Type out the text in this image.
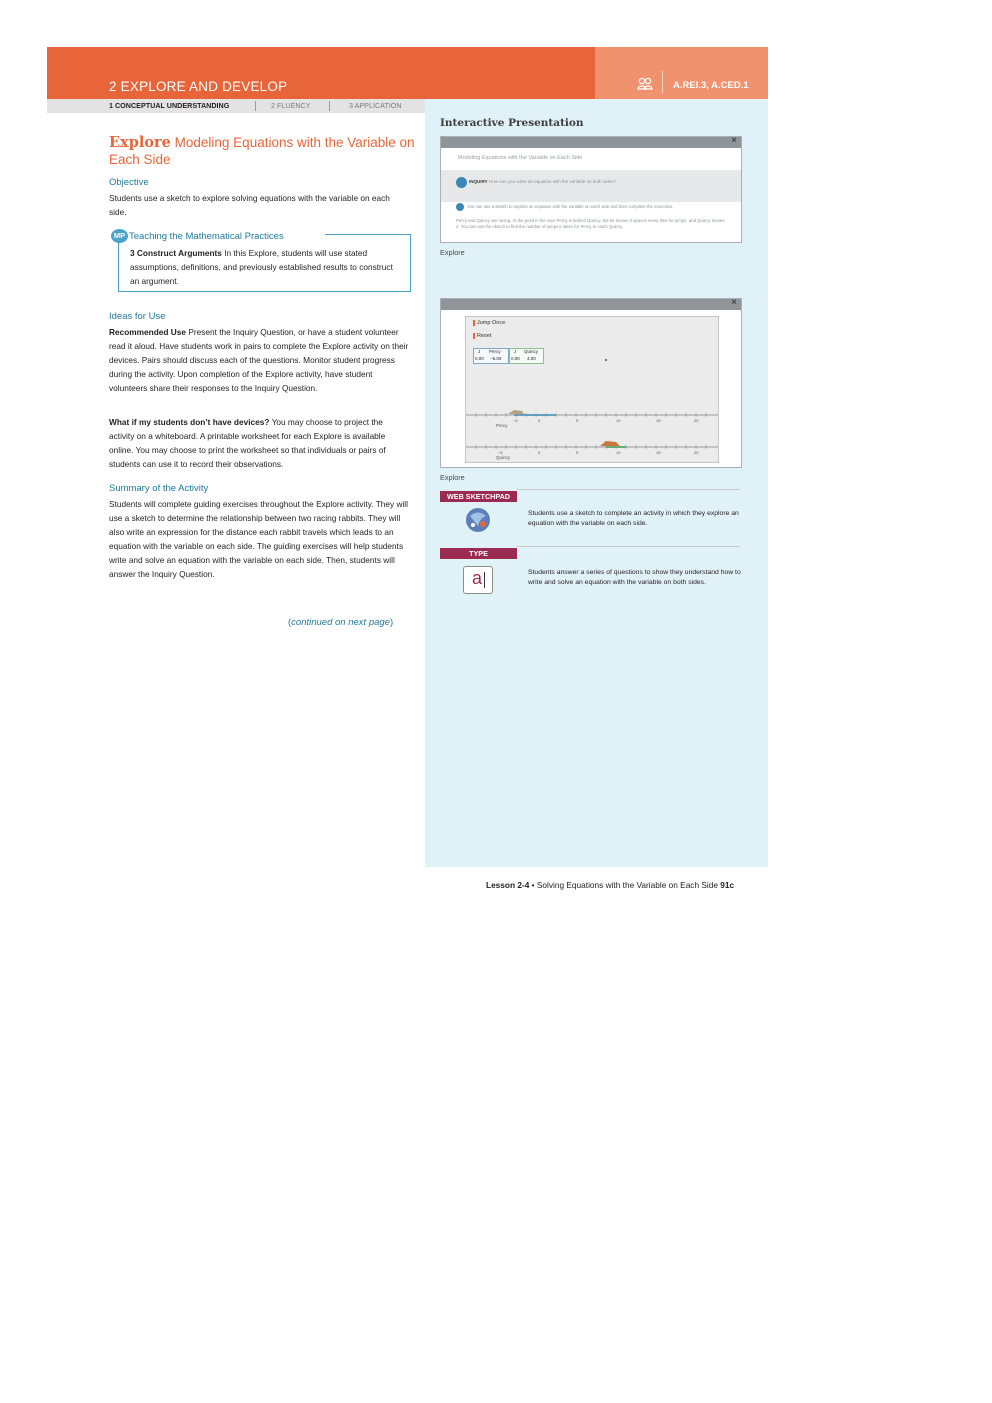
2 EXPLORE AND DEVELOP	A.REI.3, A.CED.1
1 CONCEPTUAL UNDERSTANDING	2 FLUENCY	3 APPLICATION
Explore Modeling Equations with the Variable on Each Side
Objective
Students use a sketch to explore solving equations with the variable on each side.
MP Teaching the Mathematical Practices
3 Construct Arguments In this Explore, students will use stated assumptions, definitions, and previously established results to construct an argument.
Ideas for Use
Recommended Use Present the Inquiry Question, or have a student volunteer read it aloud. Have students work in pairs to complete the Explore activity on their devices. Pairs should discuss each of the questions. Monitor student progress during the activity. Upon completion of the Explore activity, have student volunteers share their responses to the Inquiry Question.
What if my students don’t have devices? You may choose to project the activity on a whiteboard. A printable worksheet for each Explore is available online. You may choose to print the worksheet so that individuals or pairs of students can use it to record their observations.
Summary of the Activity
Students will complete guiding exercises throughout the Explore activity. They will use a sketch to determine the relationship between two racing rabbits. They will also write an expression for the distance each rabbit travels which leads to an equation with the variable on each side. The guiding exercises will help students write and solve an equation with the variable on each side. Then, students will answer the Inquiry Question.
(continued on next page)
Interactive Presentation
×
Modeling Equations with the Variable on Each Side
INQUIRY How can you solve an equation with the variable on both sides?
You can use a sketch to explore an equation with the variable on each side and then complete the exercises.
Percy and Quincy are racing. At the point in the race Percy is behind Quincy, but he moves 3 spaces every time he jumps, and Quincy moves 2. You can use the sketch to find the number of jumps it takes for Percy to catch Quincy.
Explore
×
Jump Once
Reset
J Percy
0.00 −5.00
J Quincy
0.00 4.00
−5	0	5	10	15	20
Percy
−5	0	5	10	15	20
Quincy
Explore
WEB SKETCHPAD
Students use a sketch to complete an activity in which they explore an equation with the variable on each side.
TYPE
a	Students answer a series of questions to show they understand how to write and solve an equation with the variable on both sides.
Lesson 2-4 • Solving Equations with the Variable on Each Side 91c
